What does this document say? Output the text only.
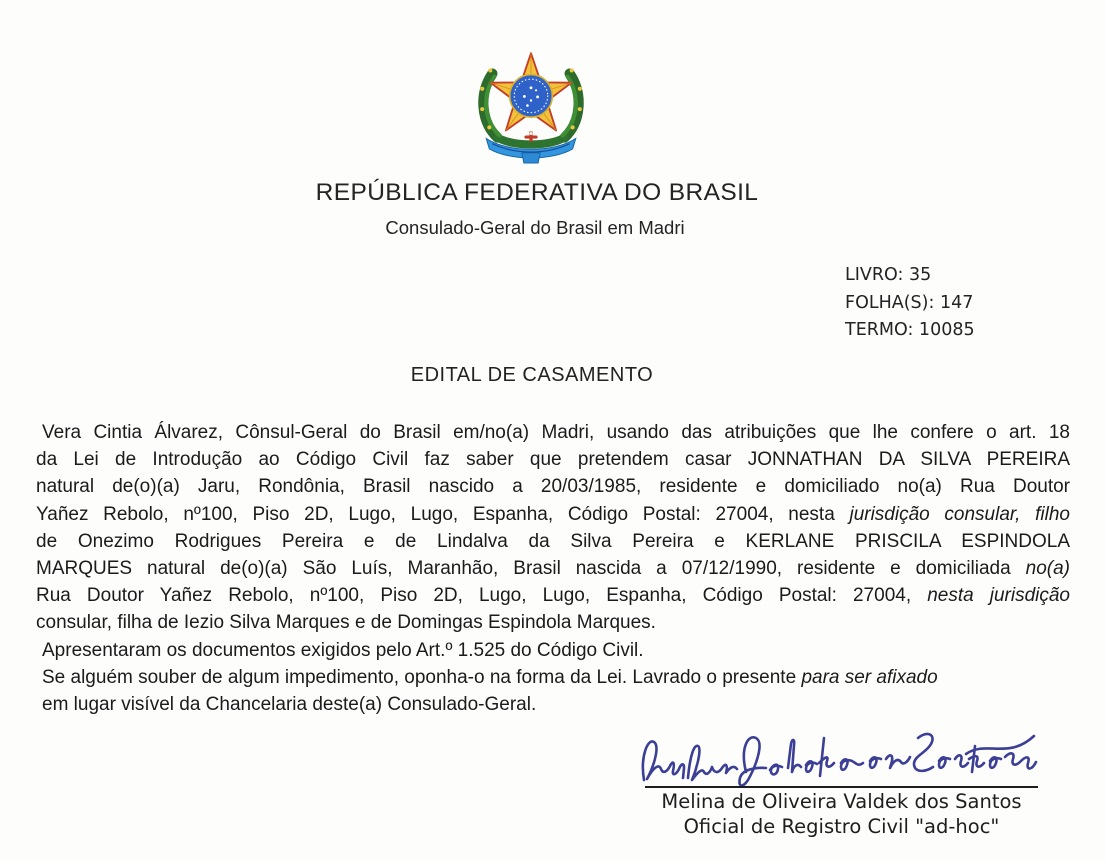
REPÚBLICA FEDERATIVA DO BRASIL
Consulado-Geral do Brasil em Madri
LIVRO: 35
FOLHA(S): 147
TERMO: 10085
EDITAL DE CASAMENTO
Vera Cintia Álvarez, Cônsul-Geral do Brasil em/no(a) Madri, usando das atribuições que lhe confere o art. 18
da Lei de Introdução ao Código Civil faz saber que pretendem casar JONNATHAN DA SILVA PEREIRA
natural de(o)(a) Jaru, Rondônia, Brasil nascido a 20/03/1985, residente e domiciliado no(a) Rua Doutor
Yañez Rebolo, nº100, Piso 2D, Lugo, Lugo, Espanha, Código Postal: 27004, nesta jurisdição consular, filho
de Onezimo Rodrigues Pereira e de Lindalva da Silva Pereira e KERLANE PRISCILA ESPINDOLA
MARQUES natural de(o)(a) São Luís, Maranhão, Brasil nascida a 07/12/1990, residente e domiciliada no(a)
Rua Doutor Yañez Rebolo, nº100, Piso 2D, Lugo, Lugo, Espanha, Código Postal: 27004, nesta jurisdição
consular, filha de Iezio Silva Marques e de Domingas Espindola Marques.
Apresentaram os documentos exigidos pelo Art.º 1.525 do Código Civil.
Se alguém souber de algum impedimento, oponha-o na forma da Lei. Lavrado o presente para ser afixado
em lugar visível da Chancelaria deste(a) Consulado-Geral.
Melina de Oliveira Valdek dos Santos
Oficial de Registro Civil "ad-hoc"
